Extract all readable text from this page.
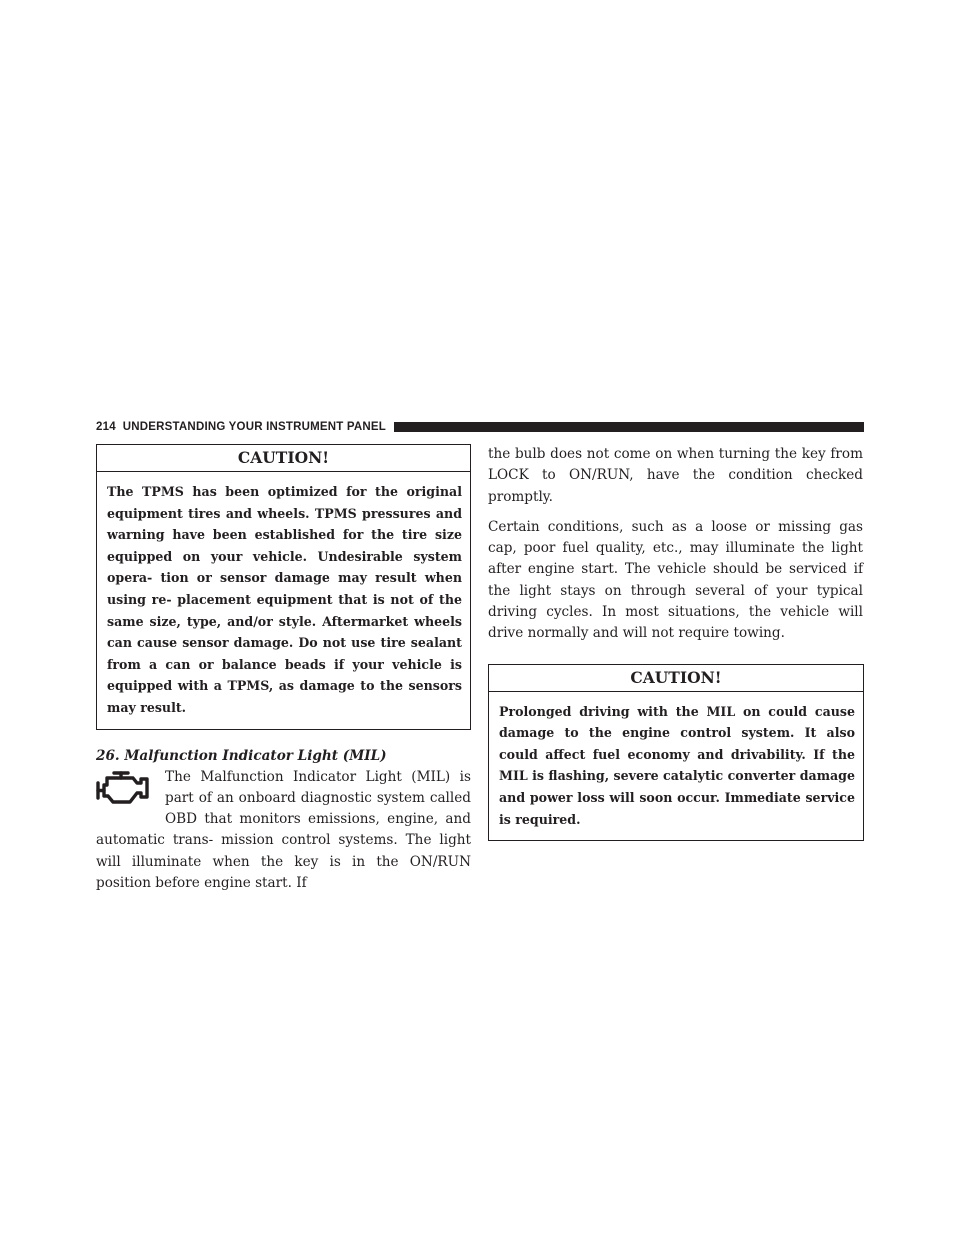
214 UNDERSTANDING YOUR INSTRUMENT PANEL
CAUTION!
The TPMS has been optimized for the original equipment tires and wheels. TPMS pressures and warning have been established for the tire size equipped on your vehicle. Undesirable system opera- tion or sensor damage may result when using re- placement equipment that is not of the same size, type, and/or style. Aftermarket wheels can cause sensor damage. Do not use tire sealant from a can or balance beads if your vehicle is equipped with a TPMS, as damage to the sensors may result.

26. Malfunction Indicator Light (MIL)

The Malfunction Indicator Light (MIL) is part of an onboard diagnostic system called OBD that monitors emissions, engine, and automatic trans- mission control systems. The light will illuminate when the key is in the ON/RUN position before engine start. If

the bulb does not come on when turning the key from LOCK to ON/RUN, have the condition checked promptly.

Certain conditions, such as a loose or missing gas cap, poor fuel quality, etc., may illuminate the light after engine start. The vehicle should be serviced if the light stays on through several of your typical driving cycles. In most situations, the vehicle will drive normally and will not require towing.

CAUTION!
Prolonged driving with the MIL on could cause damage to the engine control system. It also could affect fuel economy and drivability. If the MIL is flashing, severe catalytic converter damage and power loss will soon occur. Immediate service is required.
